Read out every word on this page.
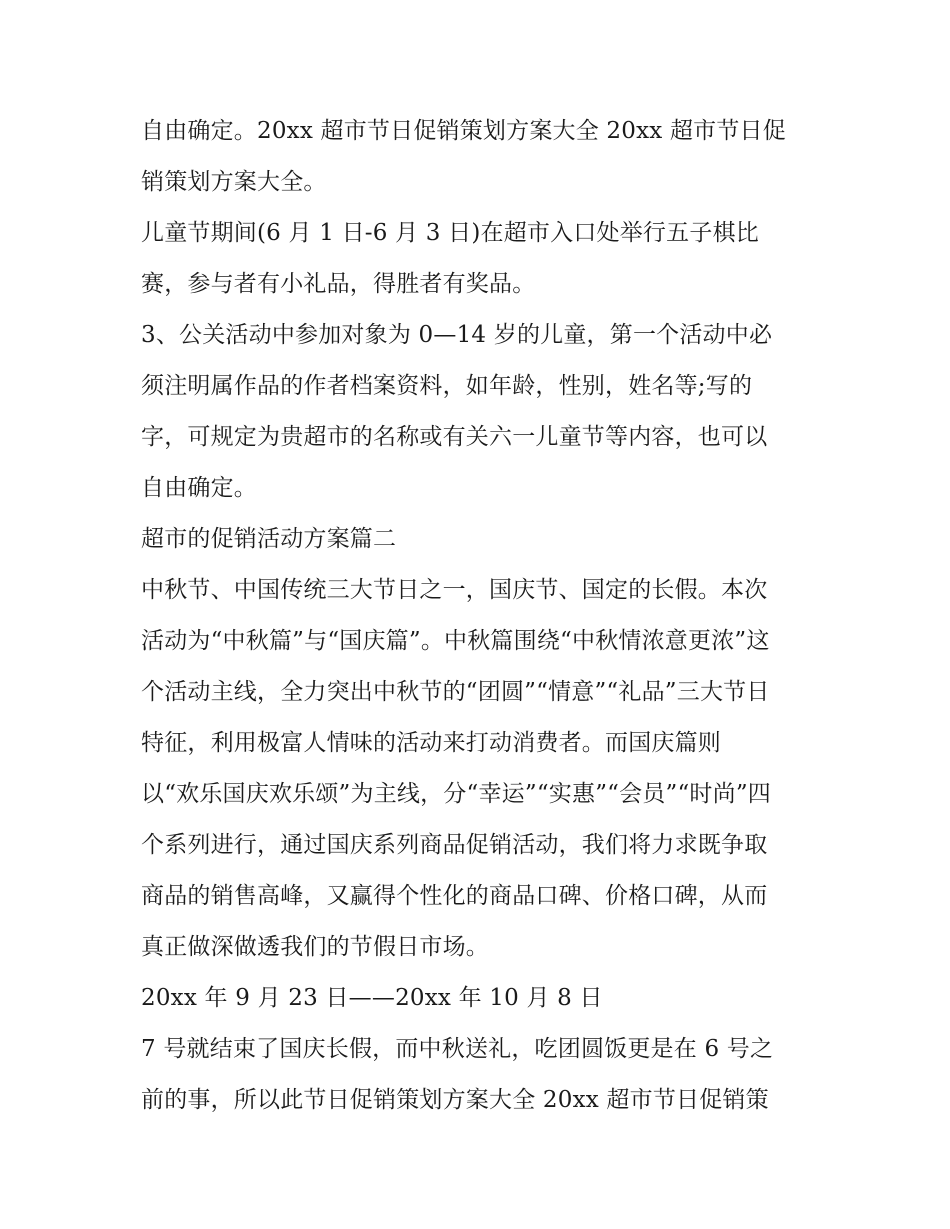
自由确定。20xx 超市节日促销策划方案大全 20xx 超市节日促
销策划方案大全。
儿童节期间(6 月 1 日-6 月 3 日)在超市入口处举行五子棋比
赛，参与者有小礼品，得胜者有奖品。
3、公关活动中参加对象为 0—14 岁的儿童，第一个活动中必
须注明属作品的作者档案资料，如年龄，性别，姓名等;写的
字，可规定为贵超市的名称或有关六一儿童节等内容，也可以
自由确定。
超市的促销活动方案篇二
中秋节、中国传统三大节日之一，国庆节、国定的长假。本次
活动为“中秋篇”与“国庆篇”。中秋篇围绕“中秋情浓意更浓”这
个活动主线，全力突出中秋节的“团圆”“情意”“礼品”三大节日
特征，利用极富人情味的活动来打动消费者。而国庆篇则
以“欢乐国庆欢乐颂”为主线，分“幸运”“实惠”“会员”“时尚”四
个系列进行，通过国庆系列商品促销活动，我们将力求既争取
商品的销售高峰，又赢得个性化的商品口碑、价格口碑，从而
真正做深做透我们的节假日市场。
20xx 年 9 月 23 日——20xx 年 10 月 8 日
7 号就结束了国庆长假，而中秋送礼，吃团圆饭更是在 6 号之
前的事，所以此节日促销策划方案大全 20xx 超市节日促销策
